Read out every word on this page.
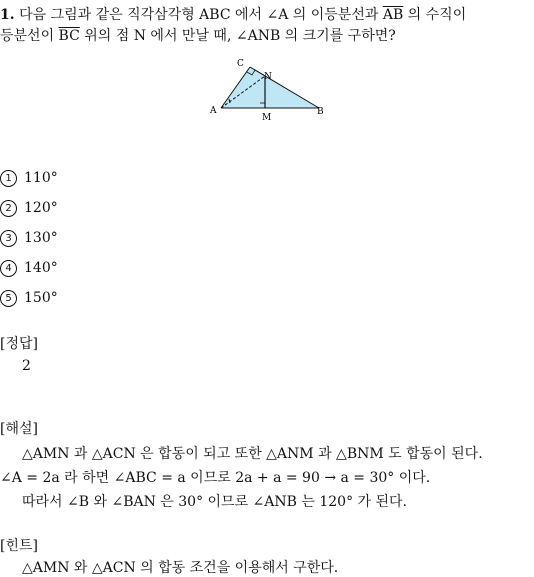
1. 다음 그림과 같은 직각삼각형 ABC 에서 ∠A 의 이등분선과 $\overline{AB}$ 의 수직이
등분선이 $\overline{BC}$ 위의 점 N 에서 만날 때, ∠ANB 의 크기를 구하면?
C
N
A	B
M
1 110°
2 120°
3 130°
4 140°
5 150°
[정답]
2
[해설]
△AMN 과 △ACN 은 합동이 되고 또한 △ANM 과 △BNM 도 합동이 된다.
∠A = 2a 라 하면 ∠ABC = a 이므로 2a + a = 90 → a = 30° 이다.
따라서 ∠B 와 ∠BAN 은 30° 이므로 ∠ANB 는 120° 가 된다.
[힌트]
△AMN 와 △ACN 의 합동 조건을 이용해서 구한다.
